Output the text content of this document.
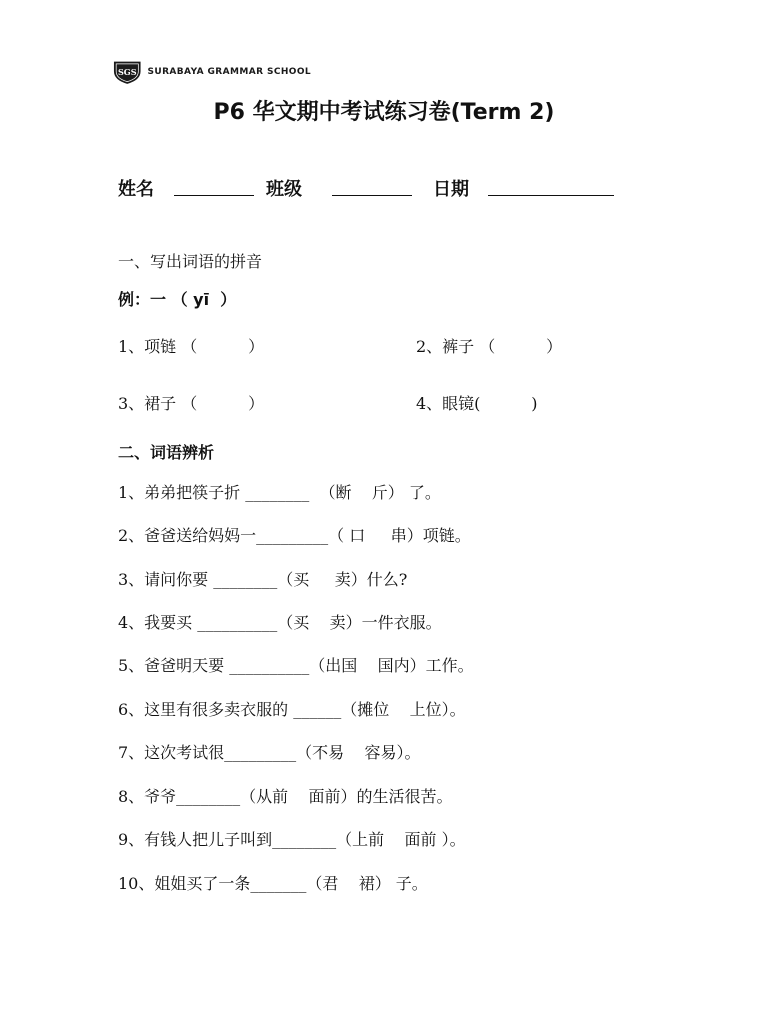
SGS SURABAYA GRAMMAR SCHOOL
P6 华文期中考试练习卷(Term 2)
姓名	班级	日期
一、写出词语的拼音
例：一 （ yī  ）
1、项链 （          ）	2、裤子 （          ）
3、裙子 （          ）	4、眼镜(          )
二、词语辨析
1、弟弟把筷子折 ________  （断    斤） 了。
2、爸爸送给妈妈一_________（ 口     串）项链。
3、请问你要 ________（买     卖）什么?
4、我要买 __________（买    卖）一件衣服。
5、爸爸明天要 __________（出国    国内）工作。
6、这里有很多卖衣服的 ______（摊位    上位）。
7、这次考试很_________（不易    容易）。
8、爷爷________（从前    面前）的生活很苦。
9、有钱人把儿子叫到________（上前    面前 ）。
10、姐姐买了一条_______（君    裙） 子。
